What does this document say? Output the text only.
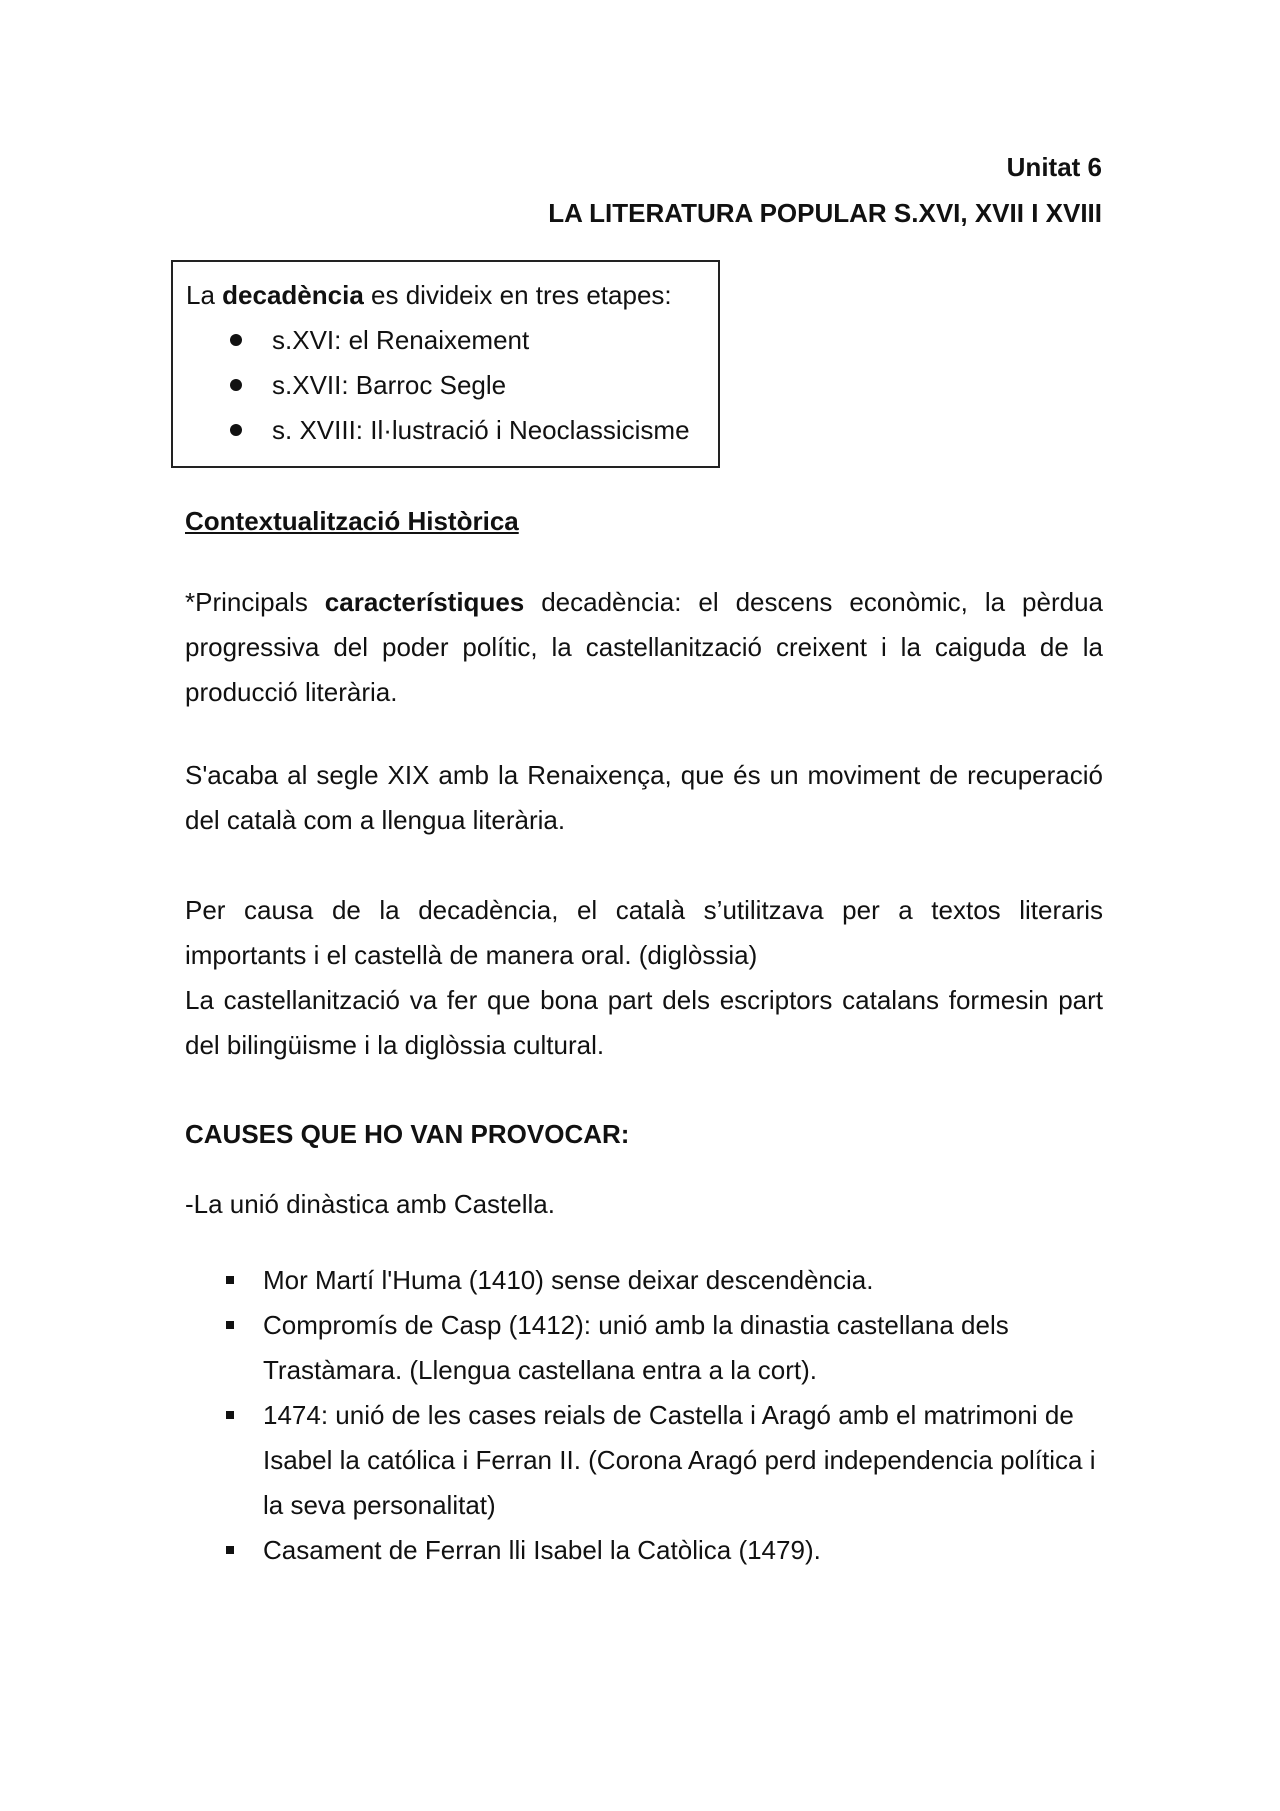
Unitat 6
LA LITERATURA POPULAR S.XVI, XVII I XVIII
La decadència es divideix en tres etapes:
s.XVI: el Renaixement
s.XVII: Barroc Segle
s. XVIII: Il·lustració i Neoclassicisme
Contextualització Històrica
*Principals característiques decadència: el descens econòmic, la pèrdua progressiva del poder polític, la castellanització creixent i la caiguda de la producció literària.
S'acaba al segle XIX amb la Renaixença, que és un moviment de recuperació del català com a llengua literària.
Per causa de la decadència, el català s’utilitzava per a textos literaris importants i el castellà de manera oral. (diglòssia)
La castellanització va fer que bona part dels escriptors catalans formesin part del bilingüisme i la diglòssia cultural.
CAUSES QUE HO VAN PROVOCAR:
-La unió dinàstica amb Castella.
Mor Martí l'Huma (1410) sense deixar descendència.
Compromís de Casp (1412): unió amb la dinastia castellana dels Trastàmara. (Llengua castellana entra a la cort).
1474: unió de les cases reials de Castella i Aragó amb el matrimoni de Isabel la católica i Ferran II. (Corona Aragó perd independencia política i la seva personalitat)
Casament de Ferran lli Isabel la Catòlica (1479).
